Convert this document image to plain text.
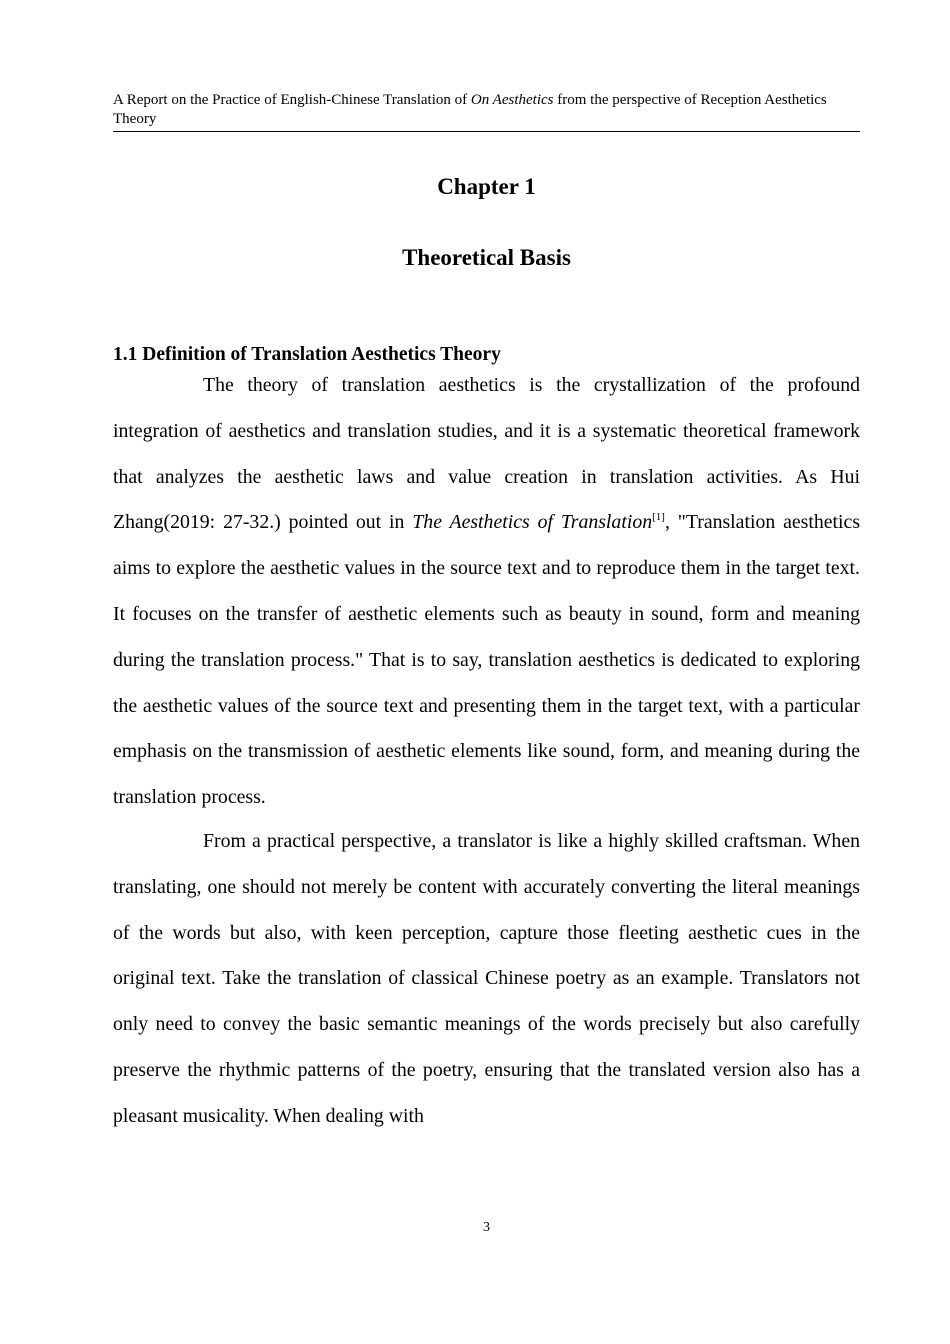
A Report on the Practice of English-Chinese Translation of On Aesthetics from the perspective of Reception Aesthetics Theory
Chapter 1
Theoretical Basis
1.1 Definition of Translation Aesthetics Theory

The theory of translation aesthetics is the crystallization of the profound integration of aesthetics and translation studies, and it is a systematic theoretical framework that analyzes the aesthetic laws and value creation in translation activities. As Hui Zhang(2019: 27-32.) pointed out in The Aesthetics of Translation[1], "Translation aesthetics aims to explore the aesthetic values in the source text and to reproduce them in the target text. It focuses on the transfer of aesthetic elements such as beauty in sound, form and meaning during the translation process." That is to say, translation aesthetics is dedicated to exploring the aesthetic values of the source text and presenting them in the target text, with a particular emphasis on the transmission of aesthetic elements like sound, form, and meaning during the translation process.

From a practical perspective, a translator is like a highly skilled craftsman. When translating, one should not merely be content with accurately converting the literal meanings of the words but also, with keen perception, capture those fleeting aesthetic cues in the original text. Take the translation of classical Chinese poetry as an example. Translators not only need to convey the basic semantic meanings of the words precisely but also carefully preserve the rhythmic patterns of the poetry, ensuring that the translated version also has a pleasant musicality. When dealing with

3
